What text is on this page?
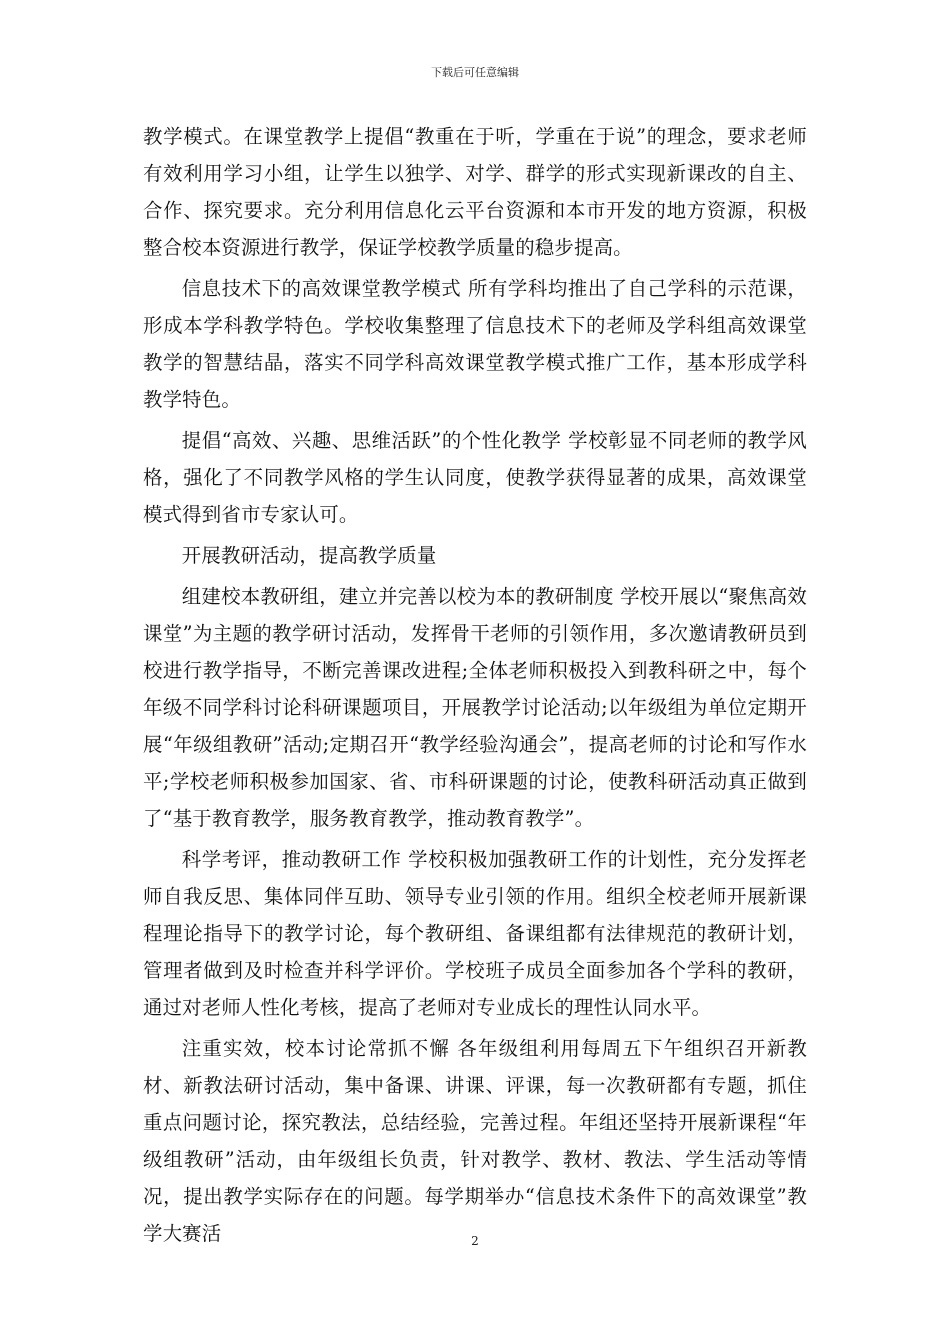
下载后可任意编辑

教学模式。在课堂教学上提倡“教重在于听，学重在于说”的理念，要求老师有效利用学习小组，让学生以独学、对学、群学的形式实现新课改的自主、合作、探究要求。充分利用信息化云平台资源和本市开发的地方资源，积极整合校本资源进行教学，保证学校教学质量的稳步提高。

信息技术下的高效课堂教学模式 所有学科均推出了自己学科的示范课，形成本学科教学特色。学校收集整理了信息技术下的老师及学科组高效课堂教学的智慧结晶，落实不同学科高效课堂教学模式推广工作，基本形成学科教学特色。

提倡“高效、兴趣、思维活跃”的个性化教学 学校彰显不同老师的教学风格，强化了不同教学风格的学生认同度，使教学获得显著的成果，高效课堂模式得到省市专家认可。

开展教研活动，提高教学质量

组建校本教研组，建立并完善以校为本的教研制度 学校开展以“聚焦高效课堂”为主题的教学研讨活动，发挥骨干老师的引领作用，多次邀请教研员到校进行教学指导，不断完善课改进程;全体老师积极投入到教科研之中，每个年级不同学科讨论科研课题项目，开展教学讨论活动;以年级组为单位定期开展“年级组教研”活动;定期召开“教学经验沟通会”，提高老师的讨论和写作水平;学校老师积极参加国家、省、市科研课题的讨论，使教科研活动真正做到了“基于教育教学，服务教育教学，推动教育教学”。

科学考评，推动教研工作 学校积极加强教研工作的计划性，充分发挥老师自我反思、集体同伴互助、领导专业引领的作用。组织全校老师开展新课程理论指导下的教学讨论，每个教研组、备课组都有法律规范的教研计划，管理者做到及时检查并科学评价。学校班子成员全面参加各个学科的教研，通过对老师人性化考核，提高了老师对专业成长的理性认同水平。

注重实效，校本讨论常抓不懈 各年级组利用每周五下午组织召开新教材、新教法研讨活动，集中备课、讲课、评课，每一次教研都有专题，抓住重点问题讨论，探究教法，总结经验，完善过程。年组还坚持开展新课程“年级组教研”活动，由年级组长负责，针对教学、教材、教法、学生活动等情况，提出教学实际存在的问题。每学期举办“信息技术条件下的高效课堂”教学大赛活	2
